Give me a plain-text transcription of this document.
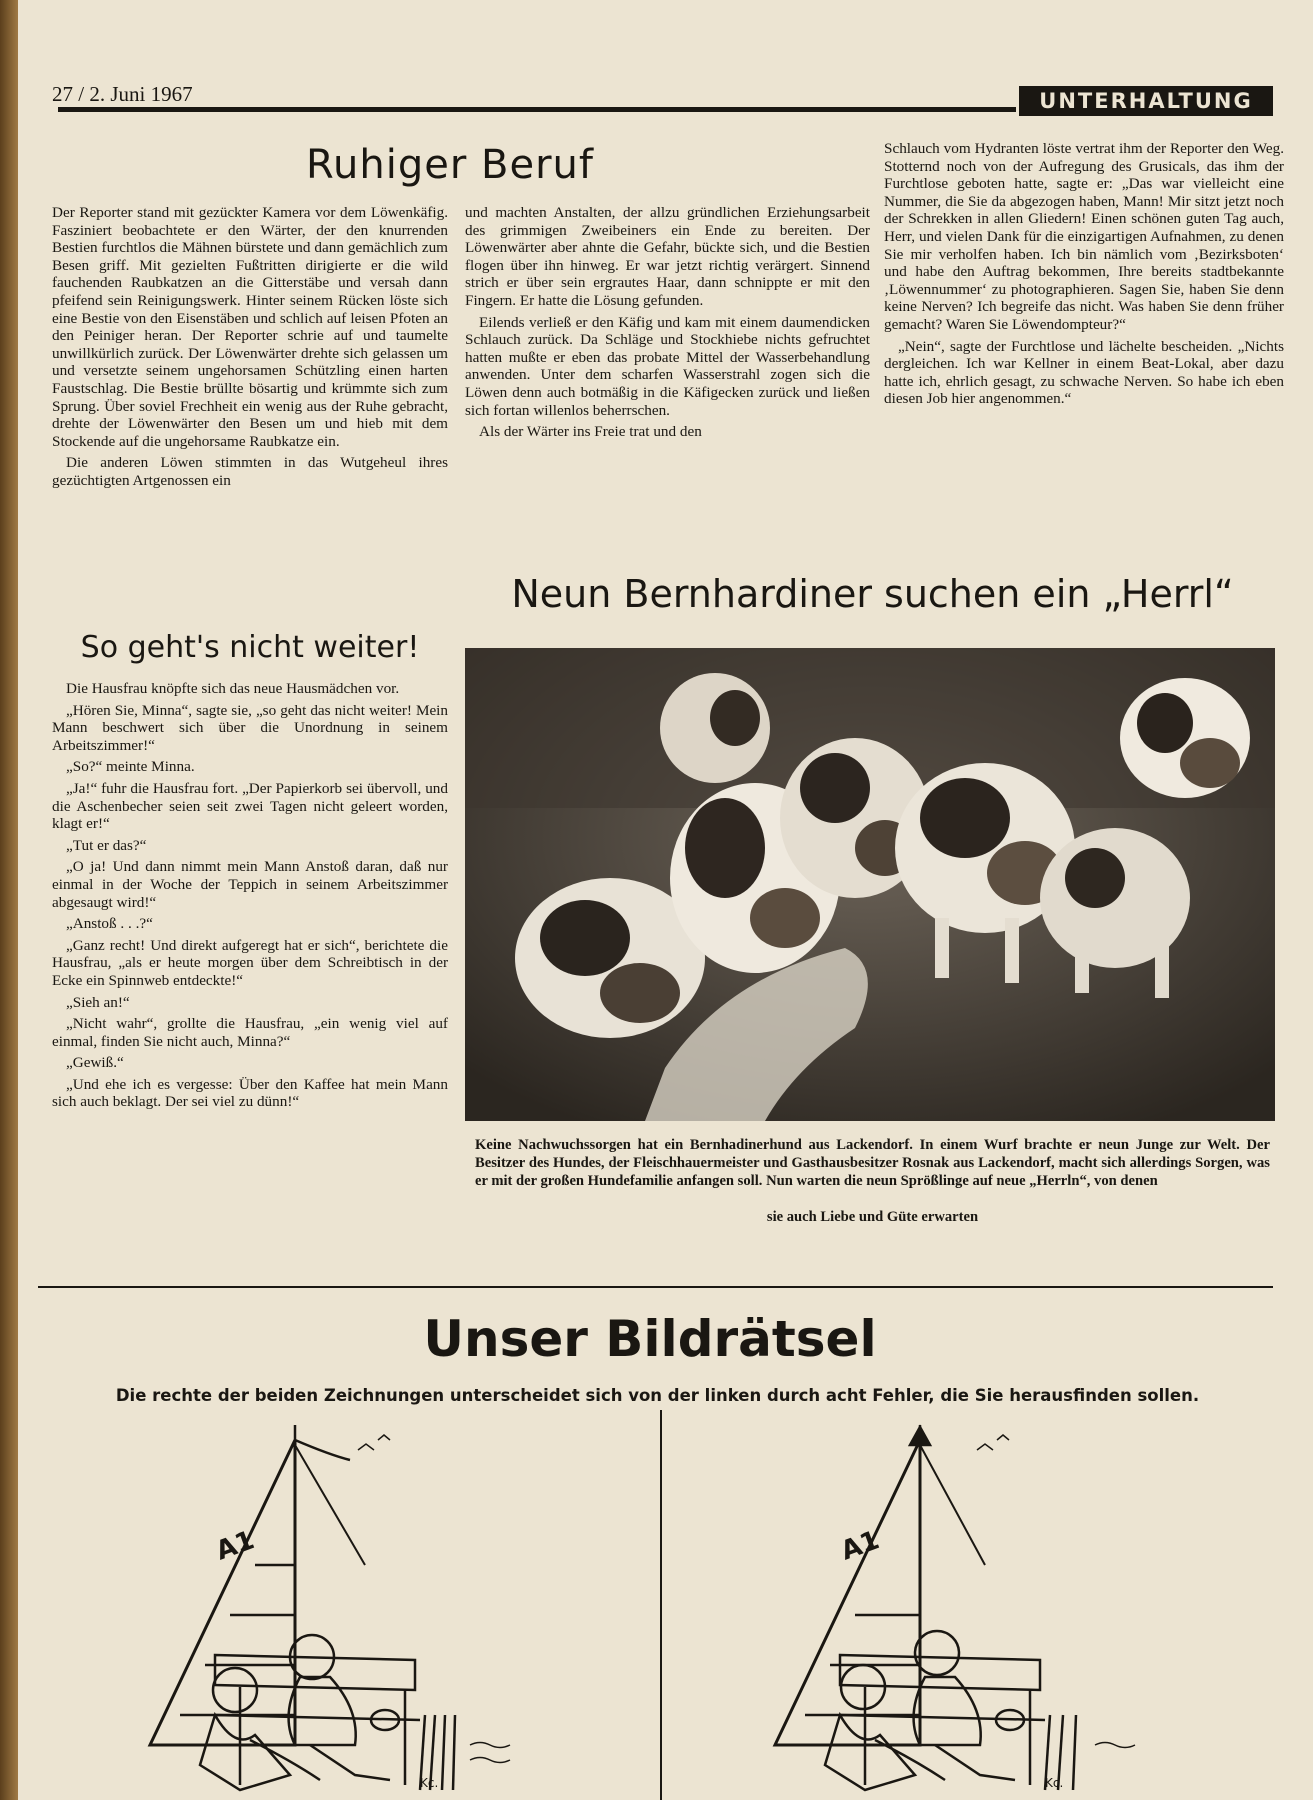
27 / 2. Juni 1967	UNTERHALTUNG
Ruhiger Beruf

Der Reporter stand mit gezückter Kamera vor dem Löwenkäfig. Fasziniert beobachtete er den Wärter, der den knurrenden Bestien furchtlos die Mähnen bürstete und dann gemächlich zum Besen griff. Mit gezielten Fußtritten dirigierte er die wild fauchenden Raubkatzen an die Gitterstäbe und versah dann pfeifend sein Reinigungswerk. Hinter seinem Rücken löste sich eine Bestie von den Eisenstäben und schlich auf leisen Pfoten an den Peiniger heran. Der Reporter schrie auf und taumelte unwillkürlich zurück. Der Löwenwärter drehte sich gelassen um und versetzte seinem ungehorsamen Schützling einen harten Faustschlag. Die Bestie brüllte bösartig und krümmte sich zum Sprung. Über soviel Frechheit ein wenig aus der Ruhe gebracht, drehte der Löwenwärter den Besen um und hieb mit dem Stockende auf die ungehorsame Raubkatze ein.

Die anderen Löwen stimmten in das Wutgeheul ihres gezüchtigten Artgenossen ein

und machten Anstalten, der allzu gründlichen Erziehungsarbeit des grimmigen Zweibeiners ein Ende zu bereiten. Der Löwenwärter aber ahnte die Gefahr, bückte sich, und die Bestien flogen über ihn hinweg. Er war jetzt richtig verärgert. Sinnend strich er über sein ergrautes Haar, dann schnippte er mit den Fingern. Er hatte die Lösung gefunden.

Eilends verließ er den Käfig und kam mit einem daumendicken Schlauch zurück. Da Schläge und Stockhiebe nichts gefruchtet hatten mußte er eben das probate Mittel der Wasserbehandlung anwenden. Unter dem scharfen Wasserstrahl zogen sich die Löwen denn auch botmäßig in die Käfigecken zurück und ließen sich fortan willenlos beherrschen.

Als der Wärter ins Freie trat und den

Schlauch vom Hydranten löste vertrat ihm der Reporter den Weg. Stotternd noch von der Aufregung des Grusicals, das ihm der Furchtlose geboten hatte, sagte er: „Das war vielleicht eine Nummer, die Sie da abgezogen haben, Mann! Mir sitzt jetzt noch der Schrekken in allen Gliedern! Einen schönen guten Tag auch, Herr, und vielen Dank für die einzigartigen Aufnahmen, zu denen Sie mir verholfen haben. Ich bin nämlich vom ‚Bezirksboten‘ und habe den Auftrag bekommen, Ihre bereits stadtbekannte ‚Löwennummer‘ zu photographieren. Sagen Sie, haben Sie denn keine Nerven? Ich begreife das nicht. Was haben Sie denn früher gemacht? Waren Sie Löwendompteur?“

„Nein“, sagte der Furchtlose und lächelte bescheiden. „Nichts dergleichen. Ich war Kellner in einem Beat-Lokal, aber dazu hatte ich, ehrlich gesagt, zu schwache Nerven. So habe ich eben diesen Job hier angenommen.“

So geht's nicht weiter!

Die Hausfrau knöpfte sich das neue Hausmädchen vor.

„Hören Sie, Minna“, sagte sie, „so geht das nicht weiter! Mein Mann beschwert sich über die Unordnung in seinem Arbeitszimmer!“

„So?“ meinte Minna.

„Ja!“ fuhr die Hausfrau fort. „Der Papierkorb sei übervoll, und die Aschenbecher seien seit zwei Tagen nicht geleert worden, klagt er!“

„Tut er das?“

„O ja! Und dann nimmt mein Mann Anstoß daran, daß nur einmal in der Woche der Teppich in seinem Arbeitszimmer abgesaugt wird!“

„Anstoß . . .?“

„Ganz recht! Und direkt aufgeregt hat er sich“, berichtete die Hausfrau, „als er heute morgen über dem Schreibtisch in der Ecke ein Spinnweb entdeckte!“

„Sieh an!“

„Nicht wahr“, grollte die Hausfrau, „ein wenig viel auf einmal, finden Sie nicht auch, Minna?“

„Gewiß.“

„Und ehe ich es vergesse: Über den Kaffee hat mein Mann sich auch beklagt. Der sei viel zu dünn!“

Neun Bernhardiner suchen ein „Herrl“
Keine Nachwuchssorgen hat ein Bernhadinerhund aus Lackendorf. In einem Wurf brachte er neun Junge zur Welt. Der Besitzer des Hundes, der Fleischhauermeister und Gasthausbesitzer Rosnak aus Lackendorf, macht sich allerdings Sorgen, was er mit der großen Hundefamilie anfangen soll. Nun warten die neun Sprößlinge auf neue „Herrln“, von denen
sie auch Liebe und Güte erwarten
Unser Bildrätsel
Die rechte der beiden Zeichnungen unterscheidet sich von der linken durch acht Fehler, die Sie herausfinden sollen.
A1
Kc.
A1
Kc.
